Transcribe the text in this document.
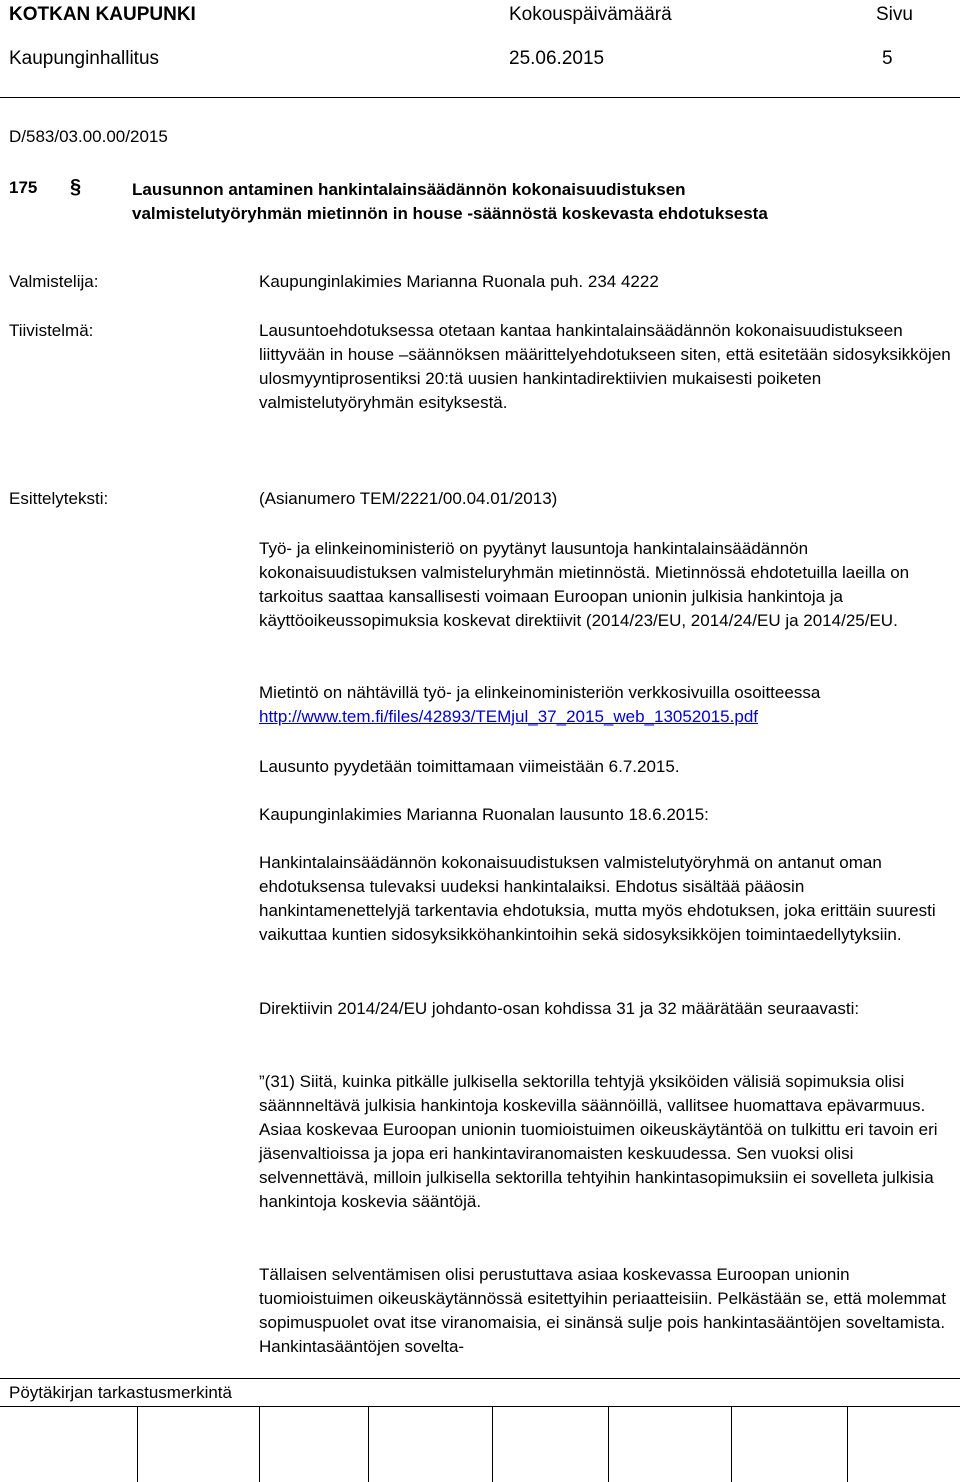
KOTKAN KAUPUNKI	Kokouspäivämäärä	Sivu
Kaupunginhallitus	25.06.2015	5
D/583/03.00.00/2015
175 §	Lausunnon antaminen hankintalainsäädännön kokonaisuudistuksen
valmistelutyöryhmän mietinnön in house -säännöstä koskevasta ehdotuksesta
Valmistelija:	Kaupunginlakimies Marianna Ruonala puh. 234 4222

Tiivistelmä:	Lausuntoehdotuksessa otetaan kantaa hankintalainsäädännön kokonaisuudistukseen liittyvään in house –säännöksen määrittelyehdotukseen siten, että esitetään sidosyksikköjen ulosmyyntiprosentiksi 20:tä uusien hankintadirektiivien mukaisesti poiketen valmistelutyöryhmän esityksestä.

Esittelyteksti:	(Asianumero TEM/2221/00.04.01/2013)

Työ- ja elinkeinoministeriö on pyytänyt lausuntoja hankintalainsäädännön kokonaisuudistuksen valmisteluryhmän mietinnöstä. Mietinnössä ehdotetuilla laeilla on tarkoitus saattaa kansallisesti voimaan Euroopan unionin julkisia hankintoja ja käyttöoikeussopimuksia koskevat direktiivit (2014/23/EU, 2014/24/EU ja 2014/25/EU.

Mietintö on nähtävillä työ- ja elinkeinoministeriön verkkosivuilla osoitteessa
http://www.tem.fi/files/42893/TEMjul_37_2015_web_13052015.pdf

Lausunto pyydetään toimittamaan viimeistään 6.7.2015.

Kaupunginlakimies Marianna Ruonalan lausunto 18.6.2015:

Hankintalainsäädännön kokonaisuudistuksen valmistelutyöryhmä on antanut oman ehdotuksensa tulevaksi uudeksi hankintalaiksi. Ehdotus sisältää pääosin hankintamenettelyjä tarkentavia ehdotuksia, mutta myös ehdotuksen, joka erittäin suuresti vaikuttaa kuntien sidosyksikköhankintoihin sekä sidosyksikköjen toimintaedellytyksiin.

Direktiivin 2014/24/EU johdanto-osan kohdissa 31 ja 32 määrätään seuraavasti:

”(31) Siitä, kuinka pitkälle julkisella sektorilla tehtyjä yksiköiden välisiä sopimuksia olisi säännneltävä julkisia hankintoja koskevilla säännöillä, vallitsee huomattava epävarmuus. Asiaa koskevaa Euroopan unionin tuomioistuimen oikeuskäytäntöä on tulkittu eri tavoin eri jäsenvaltioissa ja jopa eri hankintaviranomaisten keskuudessa. Sen vuoksi olisi selvennettävä, milloin julkisella sektorilla tehtyihin hankintasopimuksiin ei sovelleta julkisia hankintoja koskevia sääntöjä.

Tällaisen selventämisen olisi perustuttava asiaa koskevassa Euroopan unionin tuomioistuimen oikeuskäytännössä esitettyihin periaatteisiin. Pelkästään se, että molemmat sopimuspuolet ovat itse viranomaisia, ei sinänsä sulje pois hankintasääntöjen soveltamista. Hankintasääntöjen sovelta-

Pöytäkirjan tarkastusmerkintä
